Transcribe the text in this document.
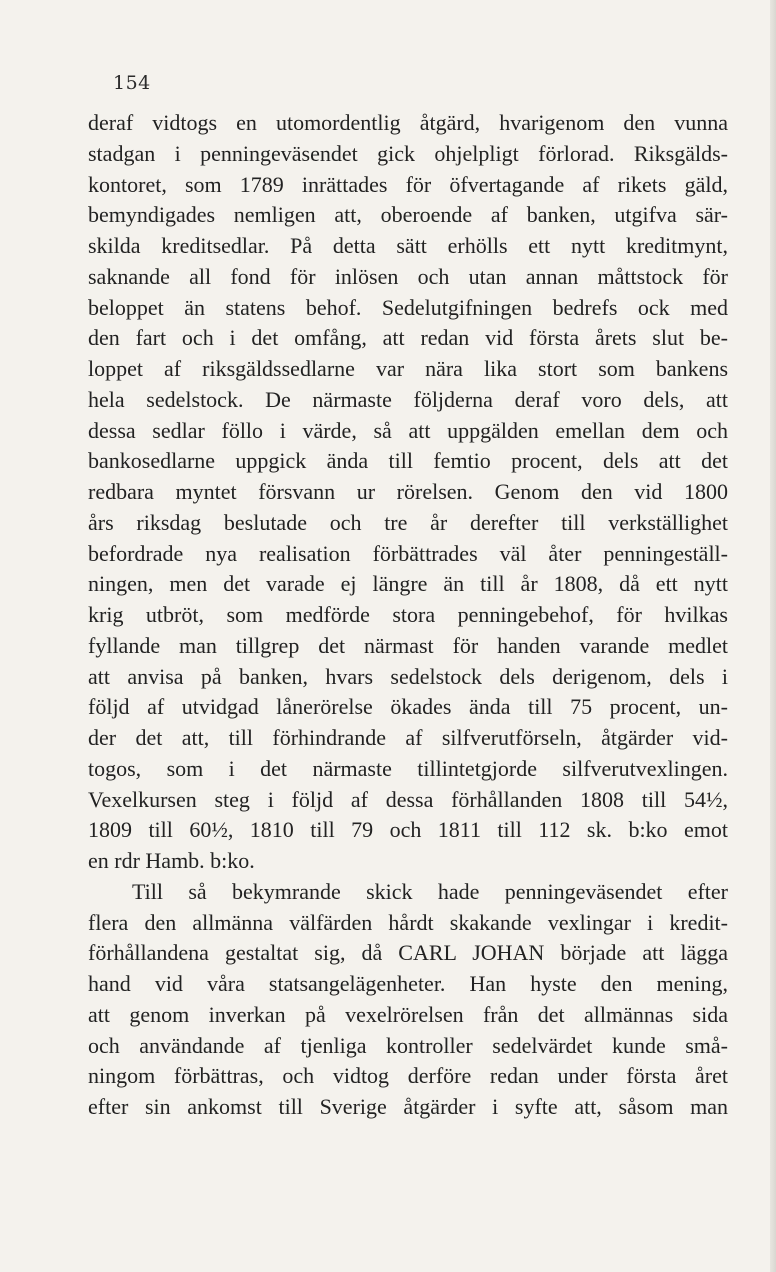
154
deraf vidtogs en utomordentlig åtgärd, hvarigenom den vunna
stadgan i penningeväsendet gick ohjelpligt förlorad. Riksgälds-
kontoret, som 1789 inrättades för öfvertagande af rikets gäld,
bemyndigades nemligen att, oberoende af banken, utgifva sär-
skilda kreditsedlar. På detta sätt erhölls ett nytt kreditmynt,
saknande all fond för inlösen och utan annan måttstock för
beloppet än statens behof. Sedelutgifningen bedrefs ock med
den fart och i det omfång, att redan vid första årets slut be-
loppet af riksgäldssedlarne var nära lika stort som bankens
hela sedelstock. De närmaste följderna deraf voro dels, att
dessa sedlar föllo i värde, så att uppgälden emellan dem och
bankosedlarne uppgick ända till femtio procent, dels att det
redbara myntet försvann ur rörelsen. Genom den vid 1800
års riksdag beslutade och tre år derefter till verkställighet
befordrade nya realisation förbättrades väl åter penningeställ-
ningen, men det varade ej längre än till år 1808, då ett nytt
krig utbröt, som medförde stora penningebehof, för hvilkas
fyllande man tillgrep det närmast för handen varande medlet
att anvisa på banken, hvars sedelstock dels derigenom, dels i
följd af utvidgad lånerörelse ökades ända till 75 procent, un-
der det att, till förhindrande af silfverutförseln, åtgärder vid-
togos, som i det närmaste tillintetgjorde silfverutvexlingen.
Vexelkursen steg i följd af dessa förhållanden 1808 till 54½,
1809 till 60½, 1810 till 79 och 1811 till 112 sk. b:ko emot
en rdr Hamb. b:ko.
Till så bekymrande skick hade penningeväsendet efter
flera den allmänna välfärden hårdt skakande vexlingar i kredit-
förhållandena gestaltat sig, då CARL JOHAN började att lägga
hand vid våra statsangelägenheter. Han hyste den mening,
att genom inverkan på vexelrörelsen från det allmännas sida
och användande af tjenliga kontroller sedelvärdet kunde små-
ningom förbättras, och vidtog derföre redan under första året
efter sin ankomst till Sverige åtgärder i syfte att, såsom man
